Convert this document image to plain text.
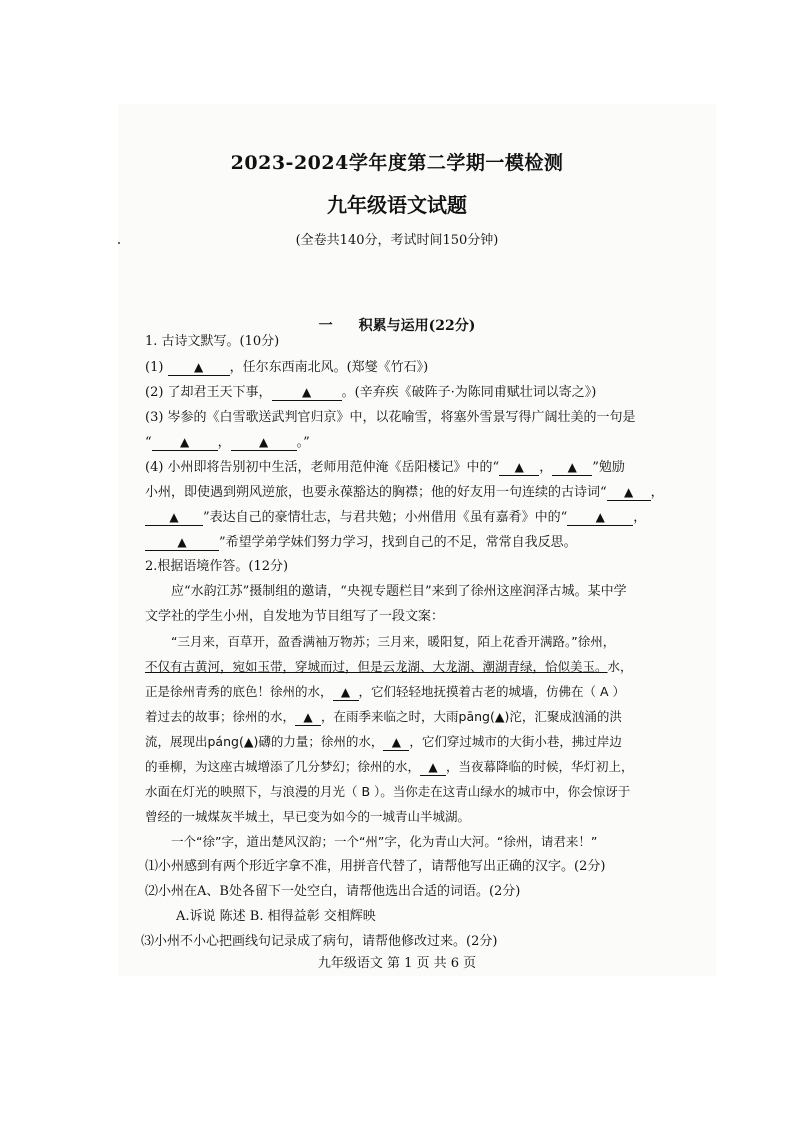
2023-2024学年度第二学期一模检测
九年级语文试题
(全卷共140分，考试时间150分钟)
一 积累与运用(22分)
1. 古诗文默写。(10分)
(1)	▲ ，任尔东西南北风。(郑燮《竹石》)
(2) 了却君王天下事，	▲ 。(辛弃疾《破阵子·为陈同甫赋壮词以寄之》)
(3) 岑参的《白雪歌送武判官归京》中，以花喻雪，将塞外雪景写得广阔壮美的一句是
“ ▲ ， ▲ 。”
(4) 小州即将告别初中生活，老师用范仲淹《岳阳楼记》中的“ ▲ ， ▲ ”勉励
小州，即使遇到朔风逆旅，也要永葆豁达的胸襟；他的好友用一句连续的古诗词“ ▲ ，
▲ ”表达自己的豪情壮志，与君共勉；小州借用《虽有嘉肴》中的“ ▲ ，
▲ ”希望学弟学妹们努力学习，找到自己的不足，常常自我反思。
2.根据语境作答。(12分)
应“水韵江苏”摄制组的邀请，“央视专题栏目”来到了徐州这座润泽古城。某中学
文学社的学生小州，自发地为节目组写了一段文案：
“三月来，百草开，盈香满袖万物苏；三月来，暖阳复，陌上花香开满路。”徐州，
不仅有古黄河，宛如玉带，穿城而过，但是云龙湖、大龙湖、潮湖青绿，恰似美玉。水，
正是徐州青秀的底色！徐州的水， ▲ ，它们轻轻地抚摸着古老的城墙，仿佛在（ A ）
着过去的故事；徐州的水， ▲ ，在雨季来临之时，大雨pāng(▲)沱，汇聚成汹涌的洪
流，展现出páng(▲)礴的力量；徐州的水， ▲ ，它们穿过城市的大街小巷，拂过岸边
的垂柳，为这座古城增添了几分梦幻；徐州的水， ▲ ，当夜幕降临的时候，华灯初上，
水面在灯光的映照下，与浪漫的月光（ B ）。当你走在这青山绿水的城市中，你会惊讶于
曾经的一城煤灰半城土，早已变为如今的一城青山半城湖。
一个“徐”字，道出楚风汉韵；一个“州”字，化为青山大河。“徐州，请君来！”
⑴小州感到有两个形近字拿不准，用拼音代替了，请帮他写出正确的汉字。(2分)
⑵小州在A、B处各留下一处空白，请帮他选出合适的词语。(2分)
A.诉说 陈述 B. 相得益彰 交相辉映
⑶小州不小心把画线句记录成了病句，请帮他修改过来。(2分)
九年级语文 第 1 页 共 6 页
